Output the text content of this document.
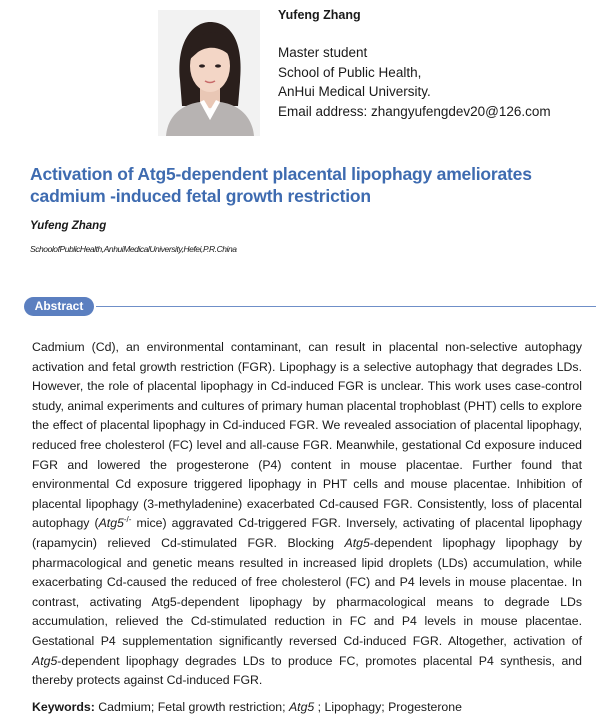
Yufeng Zhang
Master student
School of Public Health,
AnHui Medical University.
Email address: zhangyufengdev20@126.com
Activation of Atg5-dependent placental lipophagy ameliorates cadmium -induced fetal growth restriction
Yufeng Zhang
SchoolofPublicHealth,AnhuiMedicalUniversity,Hefei,P.R.China
Abstract
Cadmium (Cd), an environmental contaminant, can result in placental non-selective autophagy activation and fetal growth restriction (FGR). Lipophagy is a selective autophagy that degrades LDs. However, the role of placental lipophagy in Cd-induced FGR is unclear. This work uses case-control study, animal experiments and cultures of primary human placental trophoblast (PHT) cells to explore the effect of placental lipophagy in Cd-induced FGR. We revealed association of placental lipophagy, reduced free cholesterol (FC) level and all-cause FGR. Meanwhile, gestational Cd exposure induced FGR and lowered the progesterone (P4) content in mouse placentae. Further found that environmental Cd exposure triggered lipophagy in PHT cells and mouse placentae. Inhibition of placental lipophagy (3-methyladenine) exacerbated Cd-caused FGR. Consistently, loss of placental autophagy (Atg5-/- mice) aggravated Cd-triggered FGR. Inversely, activating of placental lipophagy (rapamycin) relieved Cd-stimulated FGR. Blocking Atg5-dependent lipophagy lipophagy by pharmacological and genetic means resulted in increased lipid droplets (LDs) accumulation, while exacerbating Cd-caused the reduced of free cholesterol (FC) and P4 levels in mouse placentae. In contrast, activating Atg5-dependent lipophagy by pharmacological means to degrade LDs accumulation, relieved the Cd-stimulated reduction in FC and P4 levels in mouse placentae. Gestational P4 supplementation significantly reversed Cd-induced FGR. Altogether, activation of Atg5-dependent lipophagy degrades LDs to produce FC, promotes placental P4 synthesis, and thereby protects against Cd-induced FGR.
Keywords: Cadmium; Fetal growth restriction; Atg5 ; Lipophagy; Progesterone
